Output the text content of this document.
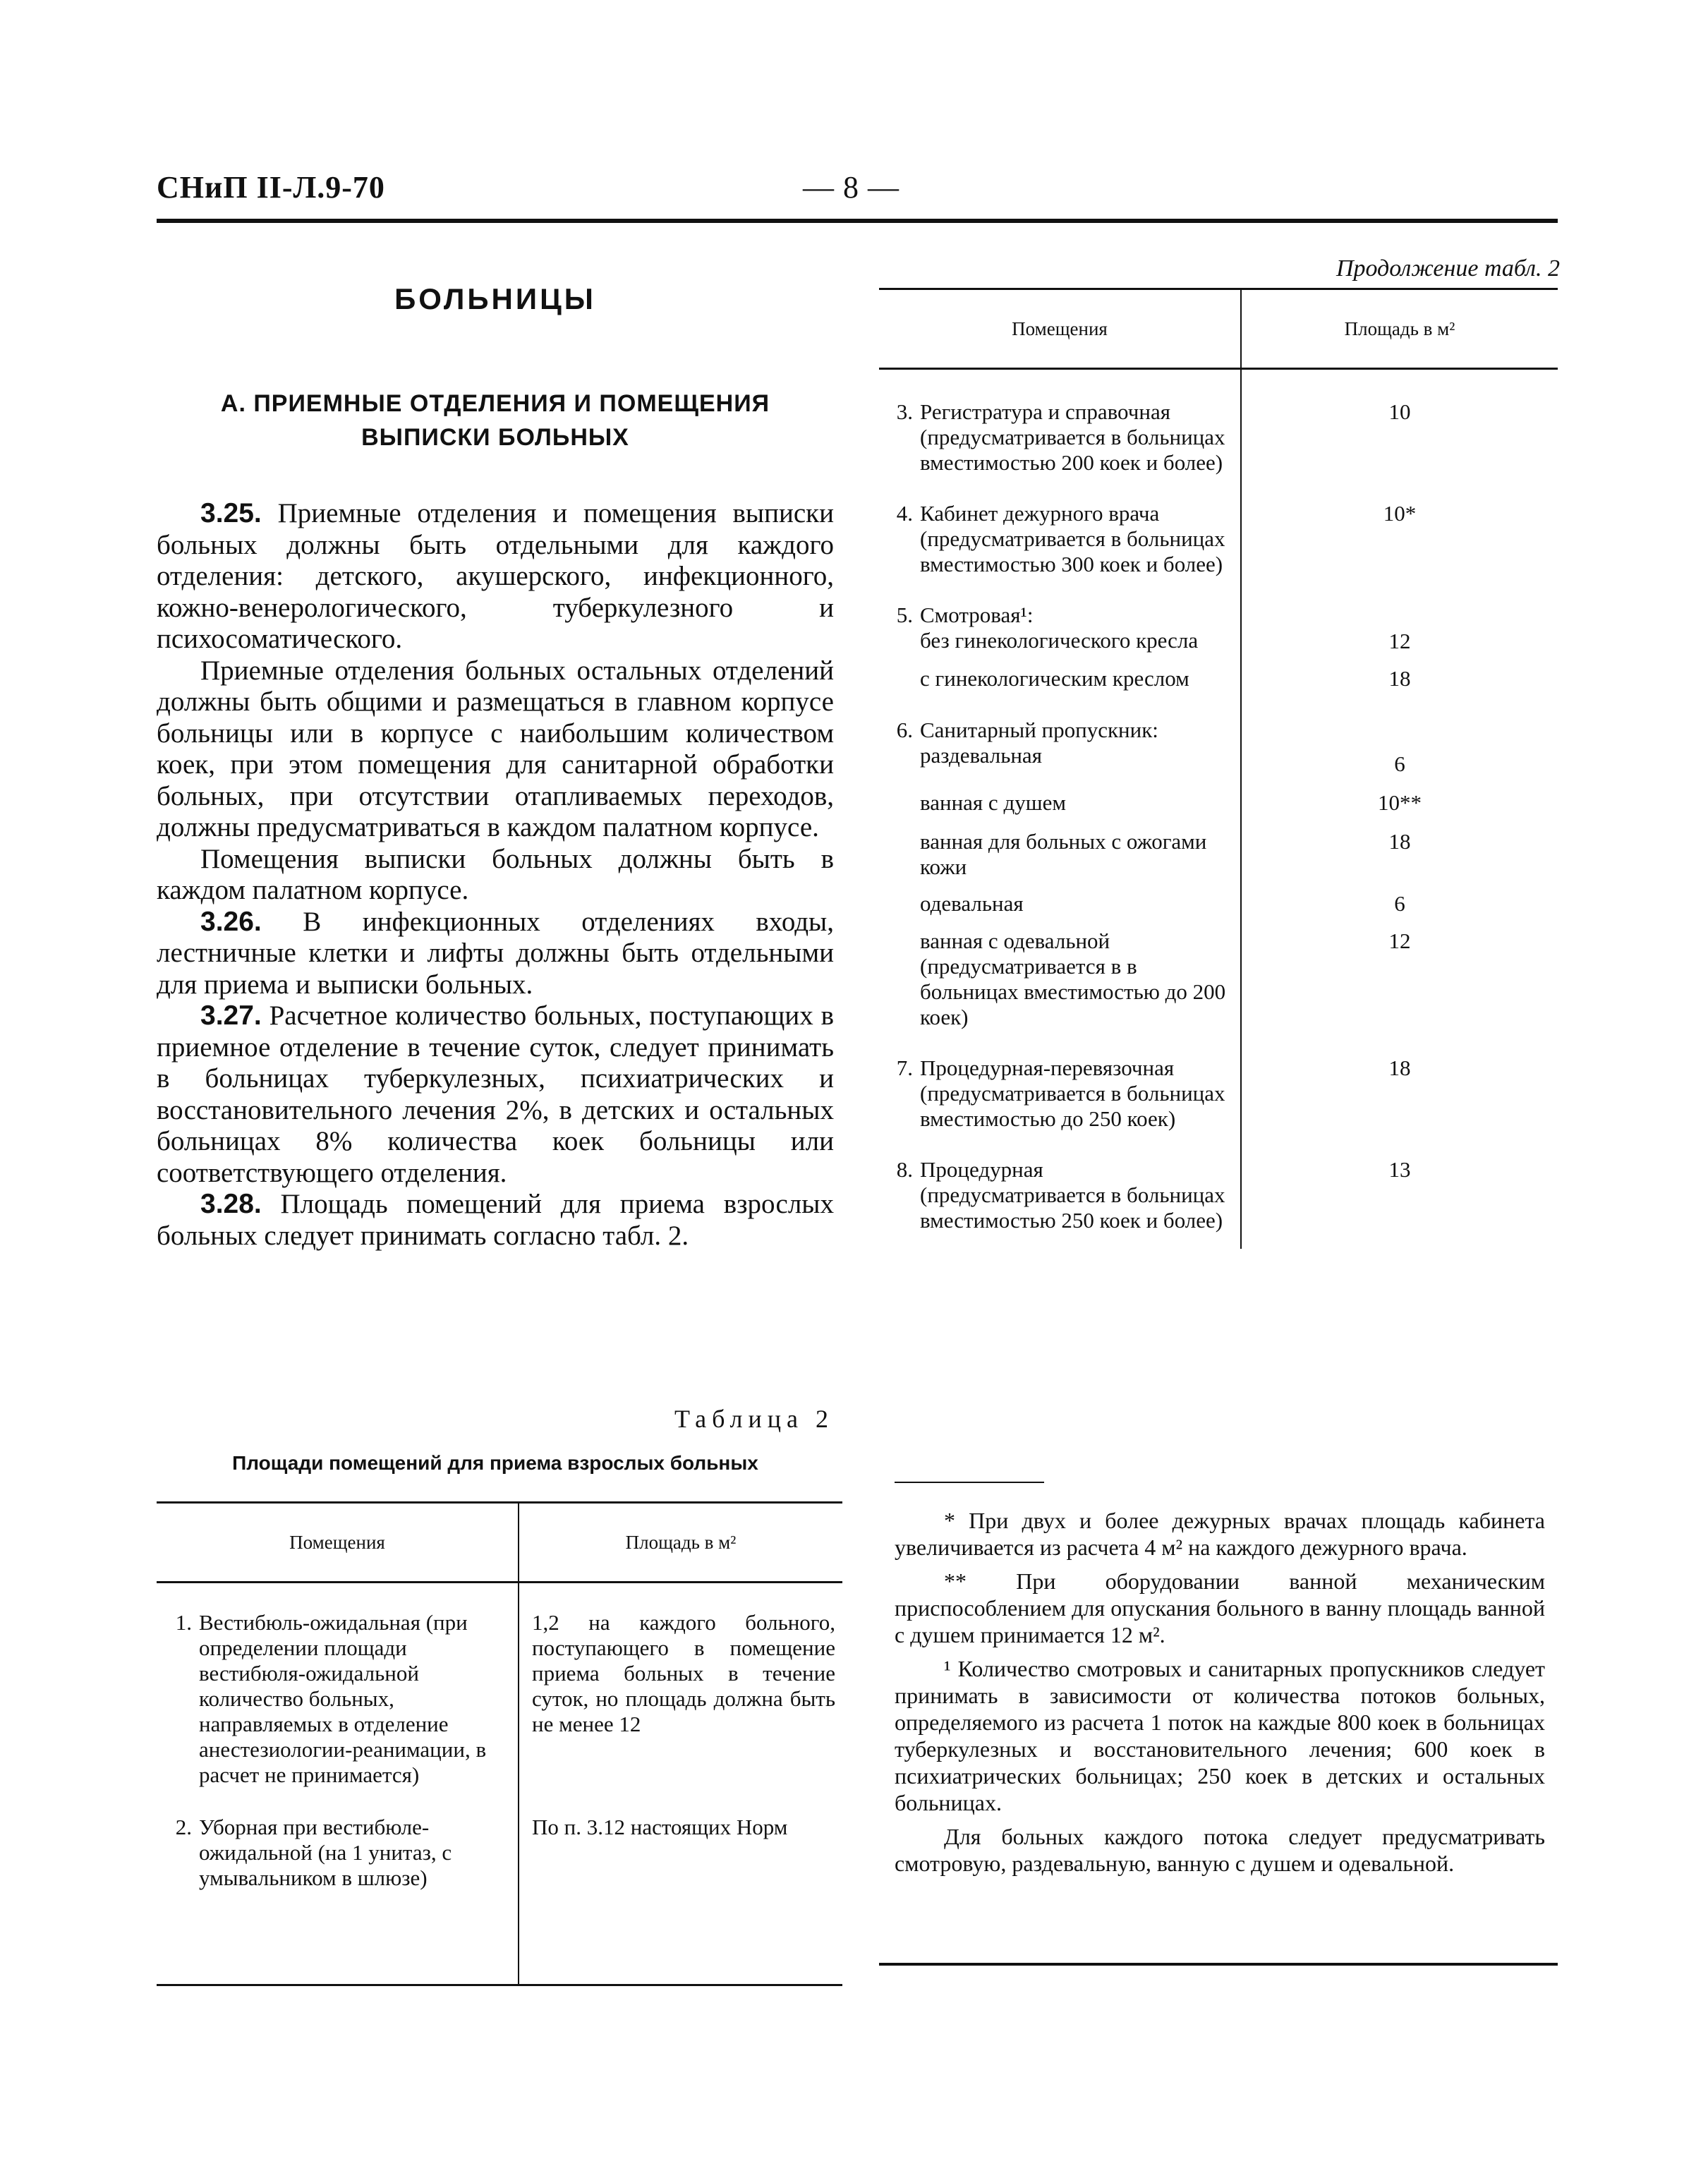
СНиП II-Л.9-70	— 8 —
Продолжение табл. 2
БОЛЬНИЦЫ
А. ПРИЕМНЫЕ ОТДЕЛЕНИЯ И ПОМЕЩЕНИЯ ВЫПИСКИ БОЛЬНЫХ

3.25. Приемные отделения и помещения выписки больных должны быть отдельными для каждого отделения: детского, акушерского, инфекционного, кожно-венерологического, туберкулезного и психосоматического.

Приемные отделения больных остальных отделений должны быть общими и размещаться в главном корпусе больницы или в корпусе с наибольшим количеством коек, при этом помещения для санитарной обработки больных, при отсутствии отапливаемых переходов, должны предусматриваться в каждом палатном корпусе.

Помещения выписки больных должны быть в каждом палатном корпусе.

3.26. В инфекционных отделениях входы, лестничные клетки и лифты должны быть отдельными для приема и выписки больных.

3.27. Расчетное количество больных, поступающих в приемное отделение в течение суток, следует принимать в больницах туберкулезных, психиатрических и восстановительного лечения 2%, в детских и остальных больницах 8% количества коек больницы или соответствующего отделения.

3.28. Площадь помещений для приема взрослых больных следует принимать согласно табл. 2.

Таблица 2
Площади помещений для приема взрослых больных
Помещения	Площадь в м²

1. Вестибюль-ожидальная (при определении площади вестибюля-ожидальной количество больных, направляемых в отделение анестезиологии-реанимации, в расчет не принимается)	1,2 на каждого больного, поступающего в помещение приема больных в течение суток, но площадь должна быть не менее 12

2. Уборная при вестибюле-ожидальной (на 1 унитаз, с умывальником в шлюзе)	По п. 3.12 настоящих Норм
Помещения	Площадь в м²

3. Регистратура и справочная (предусматривается в больницах вместимостью 200 коек и более)	10

4. Кабинет дежурного врача (предусматривается в больницах вместимостью 300 коек и более)	10*

5. Смотровая¹:	

без гинекологического кресла	12
с гинекологическим креслом	18

6. Санитарный пропускник:	

раздевальная	6
ванная с душем	10**
ванная для больных с ожогами кожи	18
одевальная	6
ванная с одевальной (предусматривается в в больницах вместимостью до 200 коек)	12

7. Процедурная-перевязочная (предусматривается в больницах вместимостью до 250 коек)	18

8. Процедурная (предусматривается в больницах вместимостью 250 коек и более)	13

* При двух и более дежурных врачах площадь кабинета увеличивается из расчета 4 м² на каждого дежурного врача.

** При оборудовании ванной механическим приспособлением для опускания больного в ванну площадь ванной с душем принимается 12 м².

¹ Количество смотровых и санитарных пропускников следует принимать в зависимости от количества потоков больных, определяемого из расчета 1 поток на каждые 800 коек в больницах туберкулезных и восстановительного лечения; 600 коек в психиатрических больницах; 250 коек в детских и остальных больницах.

Для больных каждого потока следует предусматривать смотровую, раздевальную, ванную с душем и одевальной.
